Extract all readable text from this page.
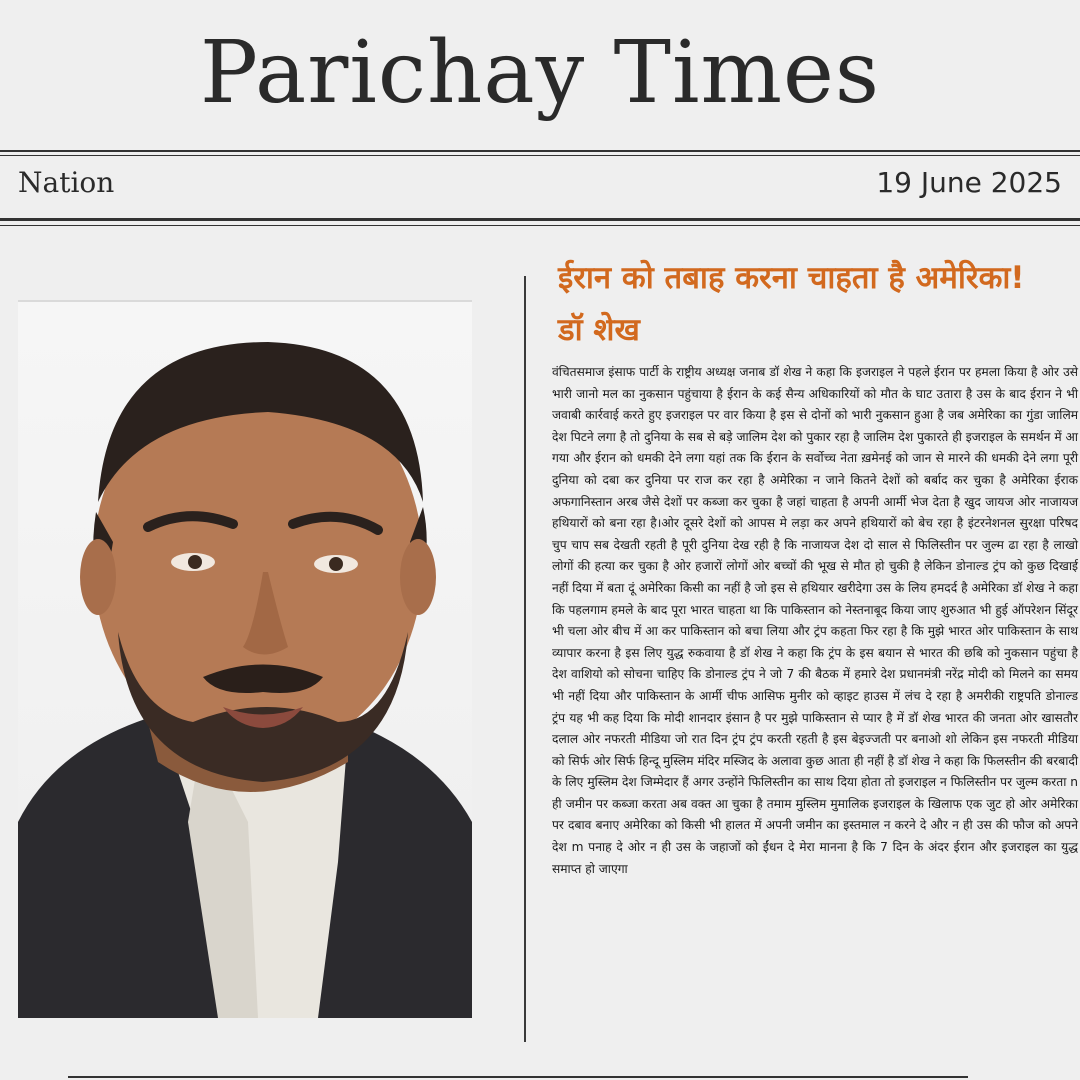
Parichay Times
Nation	19 June 2025
ईरान को तबाह करना चाहता है अमेरिका! डॉ शेख

वंचितसमाज इंसाफ पार्टी के राष्ट्रीय अध्यक्ष जनाब डॉ शेख ने कहा कि इजराइल ने पहले ईरान पर हमला किया है ओर उसे भारी जानो मल का नुकसान पहुंचाया है ईरान के कई सैन्य अधिकारियों को मौत के घाट उतारा है उस के बाद ईरान ने भी जवाबी कार्रवाई करते हुए इजराइल पर वार किया है इस से दोनों को भारी नुकसान हुआ है जब अमेरिका का गुंडा जालिम देश पिटने लगा है तो दुनिया के सब से बड़े जालिम देश को पुकार रहा है जालिम देश पुकारते ही इजराइल के समर्थन में आ गया और ईरान को धमकी देने लगा यहां तक कि ईरान के सर्वोच्च नेता ख़मेनई को जान से मारने की धमकी देने लगा पूरी दुनिया को दबा कर दुनिया पर राज कर रहा है अमेरिका न जाने कितने देशों को बर्बाद कर चुका है अमेरिका ईराक अफगानिस्तान अरब जैसे देशों पर कब्जा कर चुका है जहां चाहता है अपनी आर्मी भेज देता है खुद जायज ओर नाजायज हथियारों को बना रहा है।ओर दूसरे देशों को आपस मे लड़ा कर अपने हथियारों को बेच रहा है इंटरनेशनल सुरक्षा परिषद चुप चाप सब देखती रहती है पूरी दुनिया देख रही है कि नाजायज देश दो साल से फिलिस्तीन पर जुल्म ढा रहा है लाखो लोगों की हत्या कर चुका है ओर हजारों लोगों ओर बच्चों की भूख से मौत हो चुकी है लेकिन डोनाल्ड ट्रंप को कुछ दिखाई नहीं दिया में बता दूं अमेरिका किसी का नहीं है जो इस से हथियार खरीदेगा उस के लिय हमदर्द है अमेरिका डॉ शेख ने कहा कि पहलगाम हमले के बाद पूरा भारत चाहता था कि पाकिस्तान को नेस्तनाबूद किया जाए शुरुआत भी हुई ऑपरेशन सिंदूर भी चला ओर बीच में आ कर पाकिस्तान को बचा लिया और ट्रंप कहता फिर रहा है कि मुझे भारत ओर पाकिस्तान के साथ व्यापार करना है इस लिए युद्ध रुकवाया है डॉ शेख ने कहा कि ट्रंप के इस बयान से भारत की छबि को नुकसान पहुंचा है देश वाशियो को सोचना चाहिए कि डोनाल्ड ट्रंप ने जो 7 की बैठक में हमारे देश प्रधानमंत्री नरेंद्र मोदी को मिलने का समय भी नहीं दिया और पाकिस्तान के आर्मी चीफ आसिफ मुनीर को व्हाइट हाउस में लंच दे रहा है अमरीकी राष्ट्रपति डोनाल्ड ट्रंप यह भी कह दिया कि मोदी शानदार इंसान है पर मुझे पाकिस्तान से प्यार है में डॉ शेख भारत की जनता ओर खासतौर दलाल ओर नफरती मीडिया जो रात दिन ट्रंप ट्रंप करती रहती है इस बेइज्जती पर बनाओ शो लेकिन इस नफरती मीडिया को सिर्फ ओर सिर्फ हिन्दू मुस्लिम मंदिर मस्जिद के अलावा कुछ आता ही नहीं है डॉ शेख ने कहा कि फिलस्तीन की बरबादी के लिए मुस्लिम देश जिम्मेदार हैं अगर उन्होंने फिलिस्तीन का साथ दिया होता तो इजराइल न फिलिस्तीन पर जुल्म करता n ही जमीन पर कब्जा करता अब वक्त आ चुका है तमाम मुस्लिम मुमालिक इजराइल के खिलाफ एक जुट हो ओर अमेरिका पर दबाव बनाए अमेरिका को किसी भी हालत में अपनी जमीन का इस्तमाल न करने दे और न ही उस की फौज को अपने देश m पनाह दे ओर न ही उस के जहाजों को ईंधन दे मेरा मानना है कि 7 दिन के अंदर ईरान और इजराइल का युद्ध समाप्त हो जाएगा
